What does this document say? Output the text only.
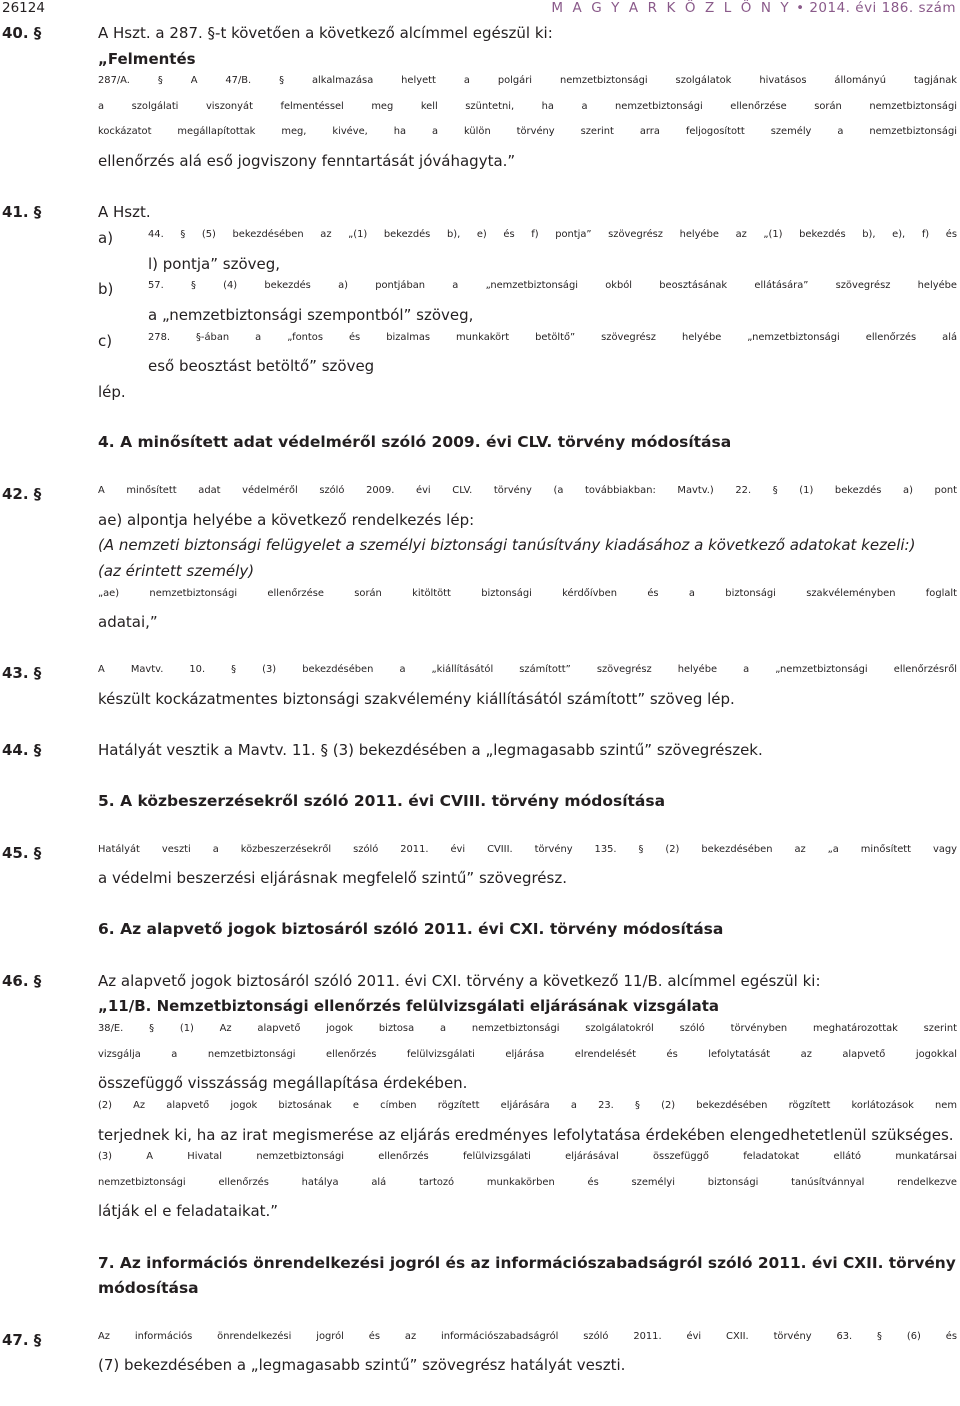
26124	M A G Y A R K Ö Z L Ö N Y • 2014. évi 186. szám
40. §	A Hszt. a 287. §-t követően a következő alcímmel egészül ki:
„Felmentés
287/A. § A 47/B. § alkalmazása helyett a polgári nemzetbiztonsági szolgálatok hivatásos állományú tagjának
a szolgálati viszonyát felmentéssel meg kell szüntetni, ha a nemzetbiztonsági ellenőrzése során nemzetbiztonsági
kockázatot megállapítottak meg, kivéve, ha a külön törvény szerint arra feljogosított személy a nemzetbiztonsági
ellenőrzés alá eső jogviszony fenntartását jóváhagyta.”
41. §	A Hszt.
a)	44. § (5) bekezdésében az „(1) bekezdés b), e) és f) pontja” szövegrész helyébe az „(1) bekezdés b), e), f) és
l) pontja” szöveg,
b)	57. § (4) bekezdés a) pontjában a „nemzetbiztonsági okból beosztásának ellátására” szövegrész helyébe
a „nemzetbiztonsági szempontból” szöveg,
c)	278. §-ában a „fontos és bizalmas munkakört betöltő” szövegrész helyébe „nemzetbiztonsági ellenőrzés alá
eső beosztást betöltő” szöveg
lép.
4. A minősített adat védelméről szóló 2009. évi CLV. törvény módosítása
42. §	A minősített adat védelméről szóló 2009. évi CLV. törvény (a továbbiakban: Mavtv.) 22. § (1) bekezdés a) pont
ae) alpontja helyébe a következő rendelkezés lép:
(A nemzeti biztonsági felügyelet a személyi biztonsági tanúsítvány kiadásához a következő adatokat kezeli:)
(az érintett személy)
„ae) nemzetbiztonsági ellenőrzése során kitöltött biztonsági kérdőívben és a biztonsági szakvéleményben foglalt
adatai,”
43. §	A Mavtv. 10. § (3) bekezdésében a „kiállításától számított” szövegrész helyébe a „nemzetbiztonsági ellenőrzésről
készült kockázatmentes biztonsági szakvélemény kiállításától számított” szöveg lép.
44. §	Hatályát vesztik a Mavtv. 11. § (3) bekezdésében a „legmagasabb szintű” szövegrészek.
5. A közbeszerzésekről szóló 2011. évi CVIII. törvény módosítása
45. §	Hatályát veszti a közbeszerzésekről szóló 2011. évi CVIII. törvény 135. § (2) bekezdésében az „a minősített vagy
a védelmi beszerzési eljárásnak megfelelő szintű” szövegrész.
6. Az alapvető jogok biztosáról szóló 2011. évi CXI. törvény módosítása
46. §	Az alapvető jogok biztosáról szóló 2011. évi CXI. törvény a következő 11/B. alcímmel egészül ki:
„11/B. Nemzetbiztonsági ellenőrzés felülvizsgálati eljárásának vizsgálata
38/E. § (1) Az alapvető jogok biztosa a nemzetbiztonsági szolgálatokról szóló törvényben meghatározottak szerint
vizsgálja a nemzetbiztonsági ellenőrzés felülvizsgálati eljárása elrendelését és lefolytatását az alapvető jogokkal
összefüggő visszásság megállapítása érdekében.
(2) Az alapvető jogok biztosának e címben rögzített eljárására a 23. § (2) bekezdésében rögzített korlátozások nem
terjednek ki, ha az irat megismerése az eljárás eredményes lefolytatása érdekében elengedhetetlenül szükséges.
(3) A Hivatal nemzetbiztonsági ellenőrzés felülvizsgálati eljárásával összefüggő feladatokat ellátó munkatársai
nemzetbiztonsági ellenőrzés hatálya alá tartozó munkakörben és személyi biztonsági tanúsítvánnyal rendelkezve
látják el e feladataikat.”
7. Az információs önrendelkezési jogról és az információszabadságról szóló 2011. évi CXII. törvény
módosítása
47. §	Az információs önrendelkezési jogról és az információszabadságról szóló 2011. évi CXII. törvény 63. § (6) és
(7) bekezdésében a „legmagasabb szintű” szövegrész hatályát veszti.
